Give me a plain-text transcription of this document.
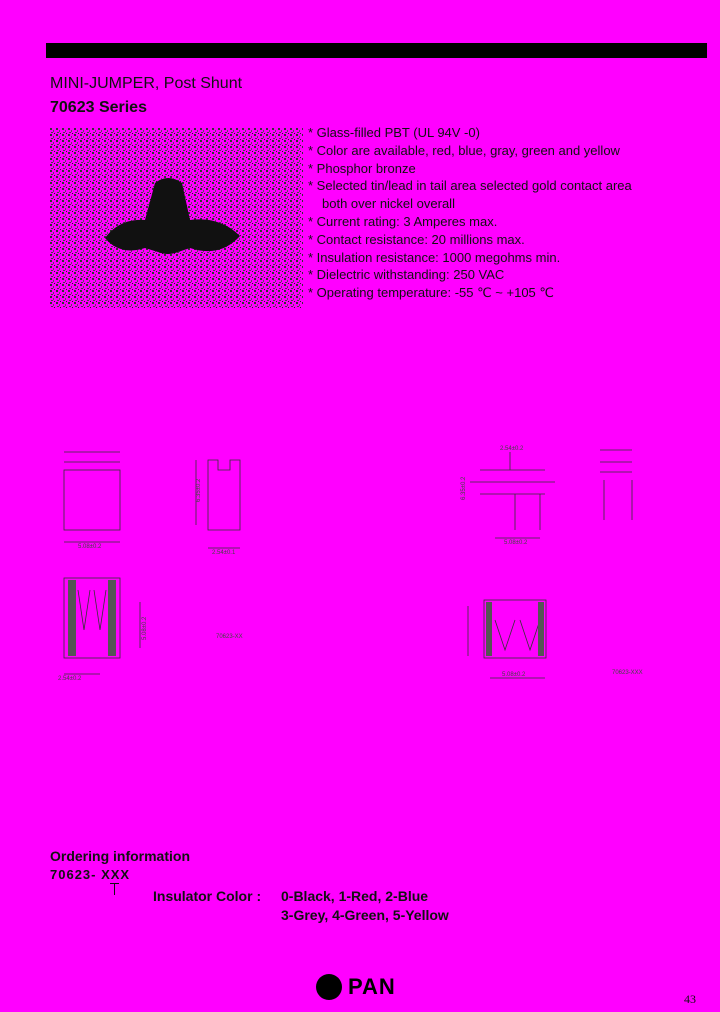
MINI-JUMPER, Post Shunt
70623 Series
* Glass-filled PBT (UL 94V -0)
* Color are available, red, blue, gray, green and yellow
* Phosphor bronze
* Selected tin/lead in tail area selected gold contact area
both over nickel overall
* Current rating: 3 Amperes max.
* Contact resistance: 20 millions max.
* Insulation resistance: 1000 megohms min.
* Dielectric withstanding: 250 VAC
* Operating temperature: -55 ℃ ~ +105 ℃
5.08±0.2
6.35±0.2
2.54±0.1
2.54±0.2
5.08±0.2	70623-XX
2.54±0.2
5.08±0.2
6.35±0.2
5.08±0.2	70623-XXX
Ordering information
70623- XXX
Insulator Color : 0-Black, 1-Red, 2-Blue
3-Grey, 4-Green, 5-Yellow
PAN	43
